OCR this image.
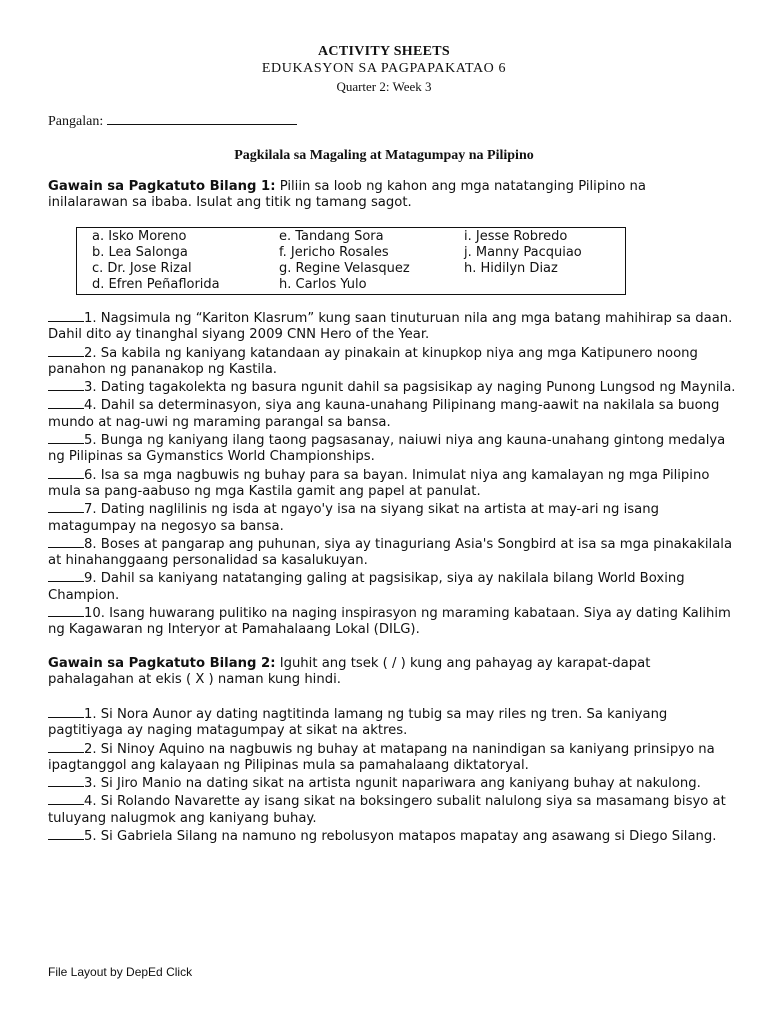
ACTIVITY SHEETS
EDUKASYON SA PAGPAPAKATAO 6
Quarter 2: Week 3
Pangalan:
Pagkilala sa Magaling at Matagumpay na Pilipino
Gawain sa Pagkatuto Bilang 1: Piliin sa loob ng kahon ang mga natatanging Pilipino na inilalarawan sa ibaba. Isulat ang titik ng tamang sagot.
a. Isko Moreno
b. Lea Salonga
c. Dr. Jose Rizal
d. Efren Peñaflorida
e. Tandang Sora
f. Jericho Rosales
g. Regine Velasquez
h. Carlos Yulo
i. Jesse Robredo
j. Manny Pacquiao
h. Hidilyn Diaz

1. Nagsimula ng “Kariton Klasrum” kung saan tinuturuan nila ang mga batang mahihirap sa daan. Dahil dito ay tinanghal siyang 2009 CNN Hero of the Year.

2. Sa kabila ng kaniyang katandaan ay pinakain at kinupkop niya ang mga Katipunero noong panahon ng pananakop ng Kastila.

3. Dating tagakolekta ng basura ngunit dahil sa pagsisikap ay naging Punong Lungsod ng Maynila.

4. Dahil sa determinasyon, siya ang kauna-unahang Pilipinang mang-aawit na nakilala sa buong mundo at nag-uwi ng maraming parangal sa bansa.

5. Bunga ng kaniyang ilang taong pagsasanay, naiuwi niya ang kauna-unahang gintong medalya ng Pilipinas sa Gymanstics World Championships.

6. Isa sa mga nagbuwis ng buhay para sa bayan. Inimulat niya ang kamalayan ng mga Pilipino mula sa pang-aabuso ng mga Kastila gamit ang papel at panulat.

7. Dating naglilinis ng isda at ngayo'y isa na siyang sikat na artista at may-ari ng isang matagumpay na negosyo sa bansa.

8. Boses at pangarap ang puhunan, siya ay tinaguriang Asia's Songbird at isa sa mga pinakakilala at hinahanggaang personalidad sa kasalukuyan.

9. Dahil sa kaniyang natatanging galing at pagsisikap, siya ay nakilala bilang World Boxing Champion.

10. Isang huwarang pulitiko na naging inspirasyon ng maraming kabataan. Siya ay dating Kalihim ng Kagawaran ng Interyor at Pamahalaang Lokal (DILG).

Gawain sa Pagkatuto Bilang 2: Iguhit ang tsek ( / ) kung ang pahayag ay karapat-dapat pahalagahan at ekis ( X ) naman kung hindi.

1. Si Nora Aunor ay dating nagtitinda lamang ng tubig sa may riles ng tren. Sa kaniyang pagtitiyaga ay naging matagumpay at sikat na aktres.

2. Si Ninoy Aquino na nagbuwis ng buhay at matapang na nanindigan sa kaniyang prinsipyo na ipagtanggol ang kalayaan ng Pilipinas mula sa pamahalaang diktatoryal.

3. Si Jiro Manio na dating sikat na artista ngunit napariwara ang kaniyang buhay at nakulong.

4. Si Rolando Navarette ay isang sikat na boksingero subalit nalulong siya sa masamang bisyo at tuluyang nalugmok ang kaniyang buhay.

5. Si Gabriela Silang na namuno ng rebolusyon matapos mapatay ang asawang si Diego Silang.

File Layout by DepEd Click
